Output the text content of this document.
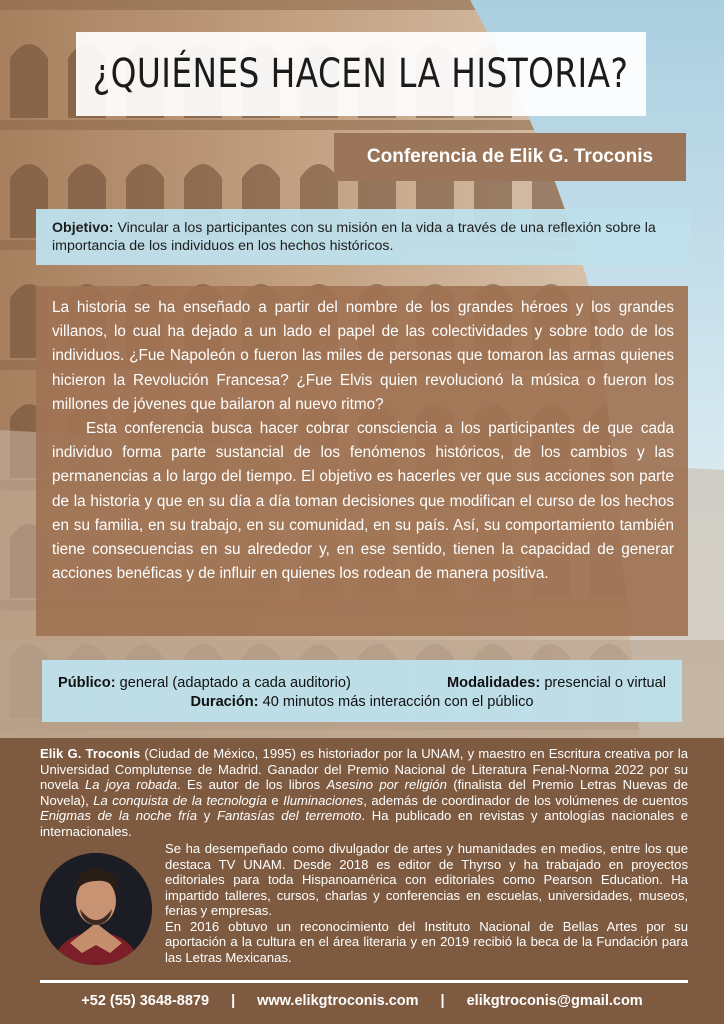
¿QUIÉNES HACEN LA HISTORIA?
Conferencia de Elik G. Troconis
Objetivo: Vincular a los participantes con su misión en la vida a través de una reflexión sobre la importancia de los individuos en los hechos históricos.

La historia se ha enseñado a partir del nombre de los grandes héroes y los grandes villanos, lo cual ha dejado a un lado el papel de las colectividades y sobre todo de los individuos. ¿Fue Napoleón o fueron las miles de personas que tomaron las armas quienes hicieron la Revolución Francesa? ¿Fue Elvis quien revolucionó la música o fueron los millones de jóvenes que bailaron al nuevo ritmo?

Esta conferencia busca hacer cobrar consciencia a los participantes de que cada individuo forma parte sustancial de los fenómenos históricos, de los cambios y las permanencias a lo largo del tiempo. El objetivo es hacerles ver que sus acciones son parte de la historia y que en su día a día toman decisiones que modifican el curso de los hechos en su familia, en su trabajo, en su comunidad, en su país. Así, su comportamiento también tiene consecuencias en su alrededor y, en ese sentido, tienen la capacidad de generar acciones benéficas y de influir en quienes los rodean de manera positiva.

Público: general (adaptado a cada auditorio)	Modalidades: presencial o virtual
Duración: 40 minutos más interacción con el público
Elik G. Troconis (Ciudad de México, 1995) es historiador por la UNAM, y maestro en Escritura creativa por la Universidad Complutense de Madrid. Ganador del Premio Nacional de Literatura Fenal-Norma 2022 por su novela La joya robada. Es autor de los libros Asesino por religión (finalista del Premio Letras Nuevas de Novela), La conquista de la tecnología e Iluminaciones, además de coordinador de los volúmenes de cuentos Enigmas de la noche fría y Fantasías del terremoto. Ha publicado en revistas y antologías nacionales e internacionales.
Se ha desempeñado como divulgador de artes y humanidades en medios, entre los que destaca TV UNAM. Desde 2018 es editor de Thyrso y ha trabajado en proyectos editoriales para toda Hispanoamérica con editoriales como Pearson Education. Ha impartido talleres, cursos, charlas y conferencias en escuelas, universidades, museos, ferias y empresas.
En 2016 obtuvo un reconocimiento del Instituto Nacional de Bellas Artes por su aportación a la cultura en el área literaria y en 2019 recibió la beca de la Fundación para las Letras Mexicanas.
+52 (55) 3648-8879 | www.elikgtroconis.com | elikgtroconis@gmail.com
